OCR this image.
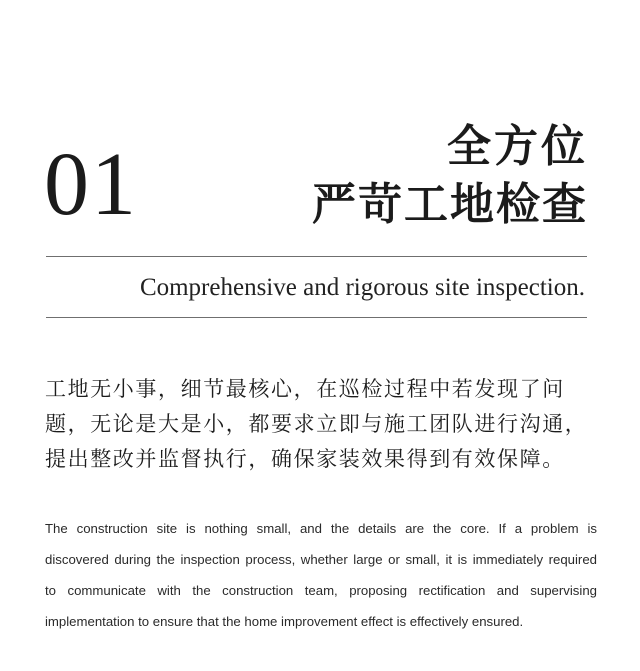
01	全方位
严苛工地检查
Comprehensive and rigorous site inspection.
工地无小事，细节最核心，在巡检过程中若发现了问
题，无论是大是小，都要求立即与施工团队进行沟通，
提出整改并监督执行，确保家装效果得到有效保障。
The construction site is nothing small, and the details are the core. If a problem is
discovered during the inspection process, whether large or small, it is immediately required
to communicate with the construction team, proposing rectification and supervising
implementation to ensure that the home improvement effect is effectively ensured.
